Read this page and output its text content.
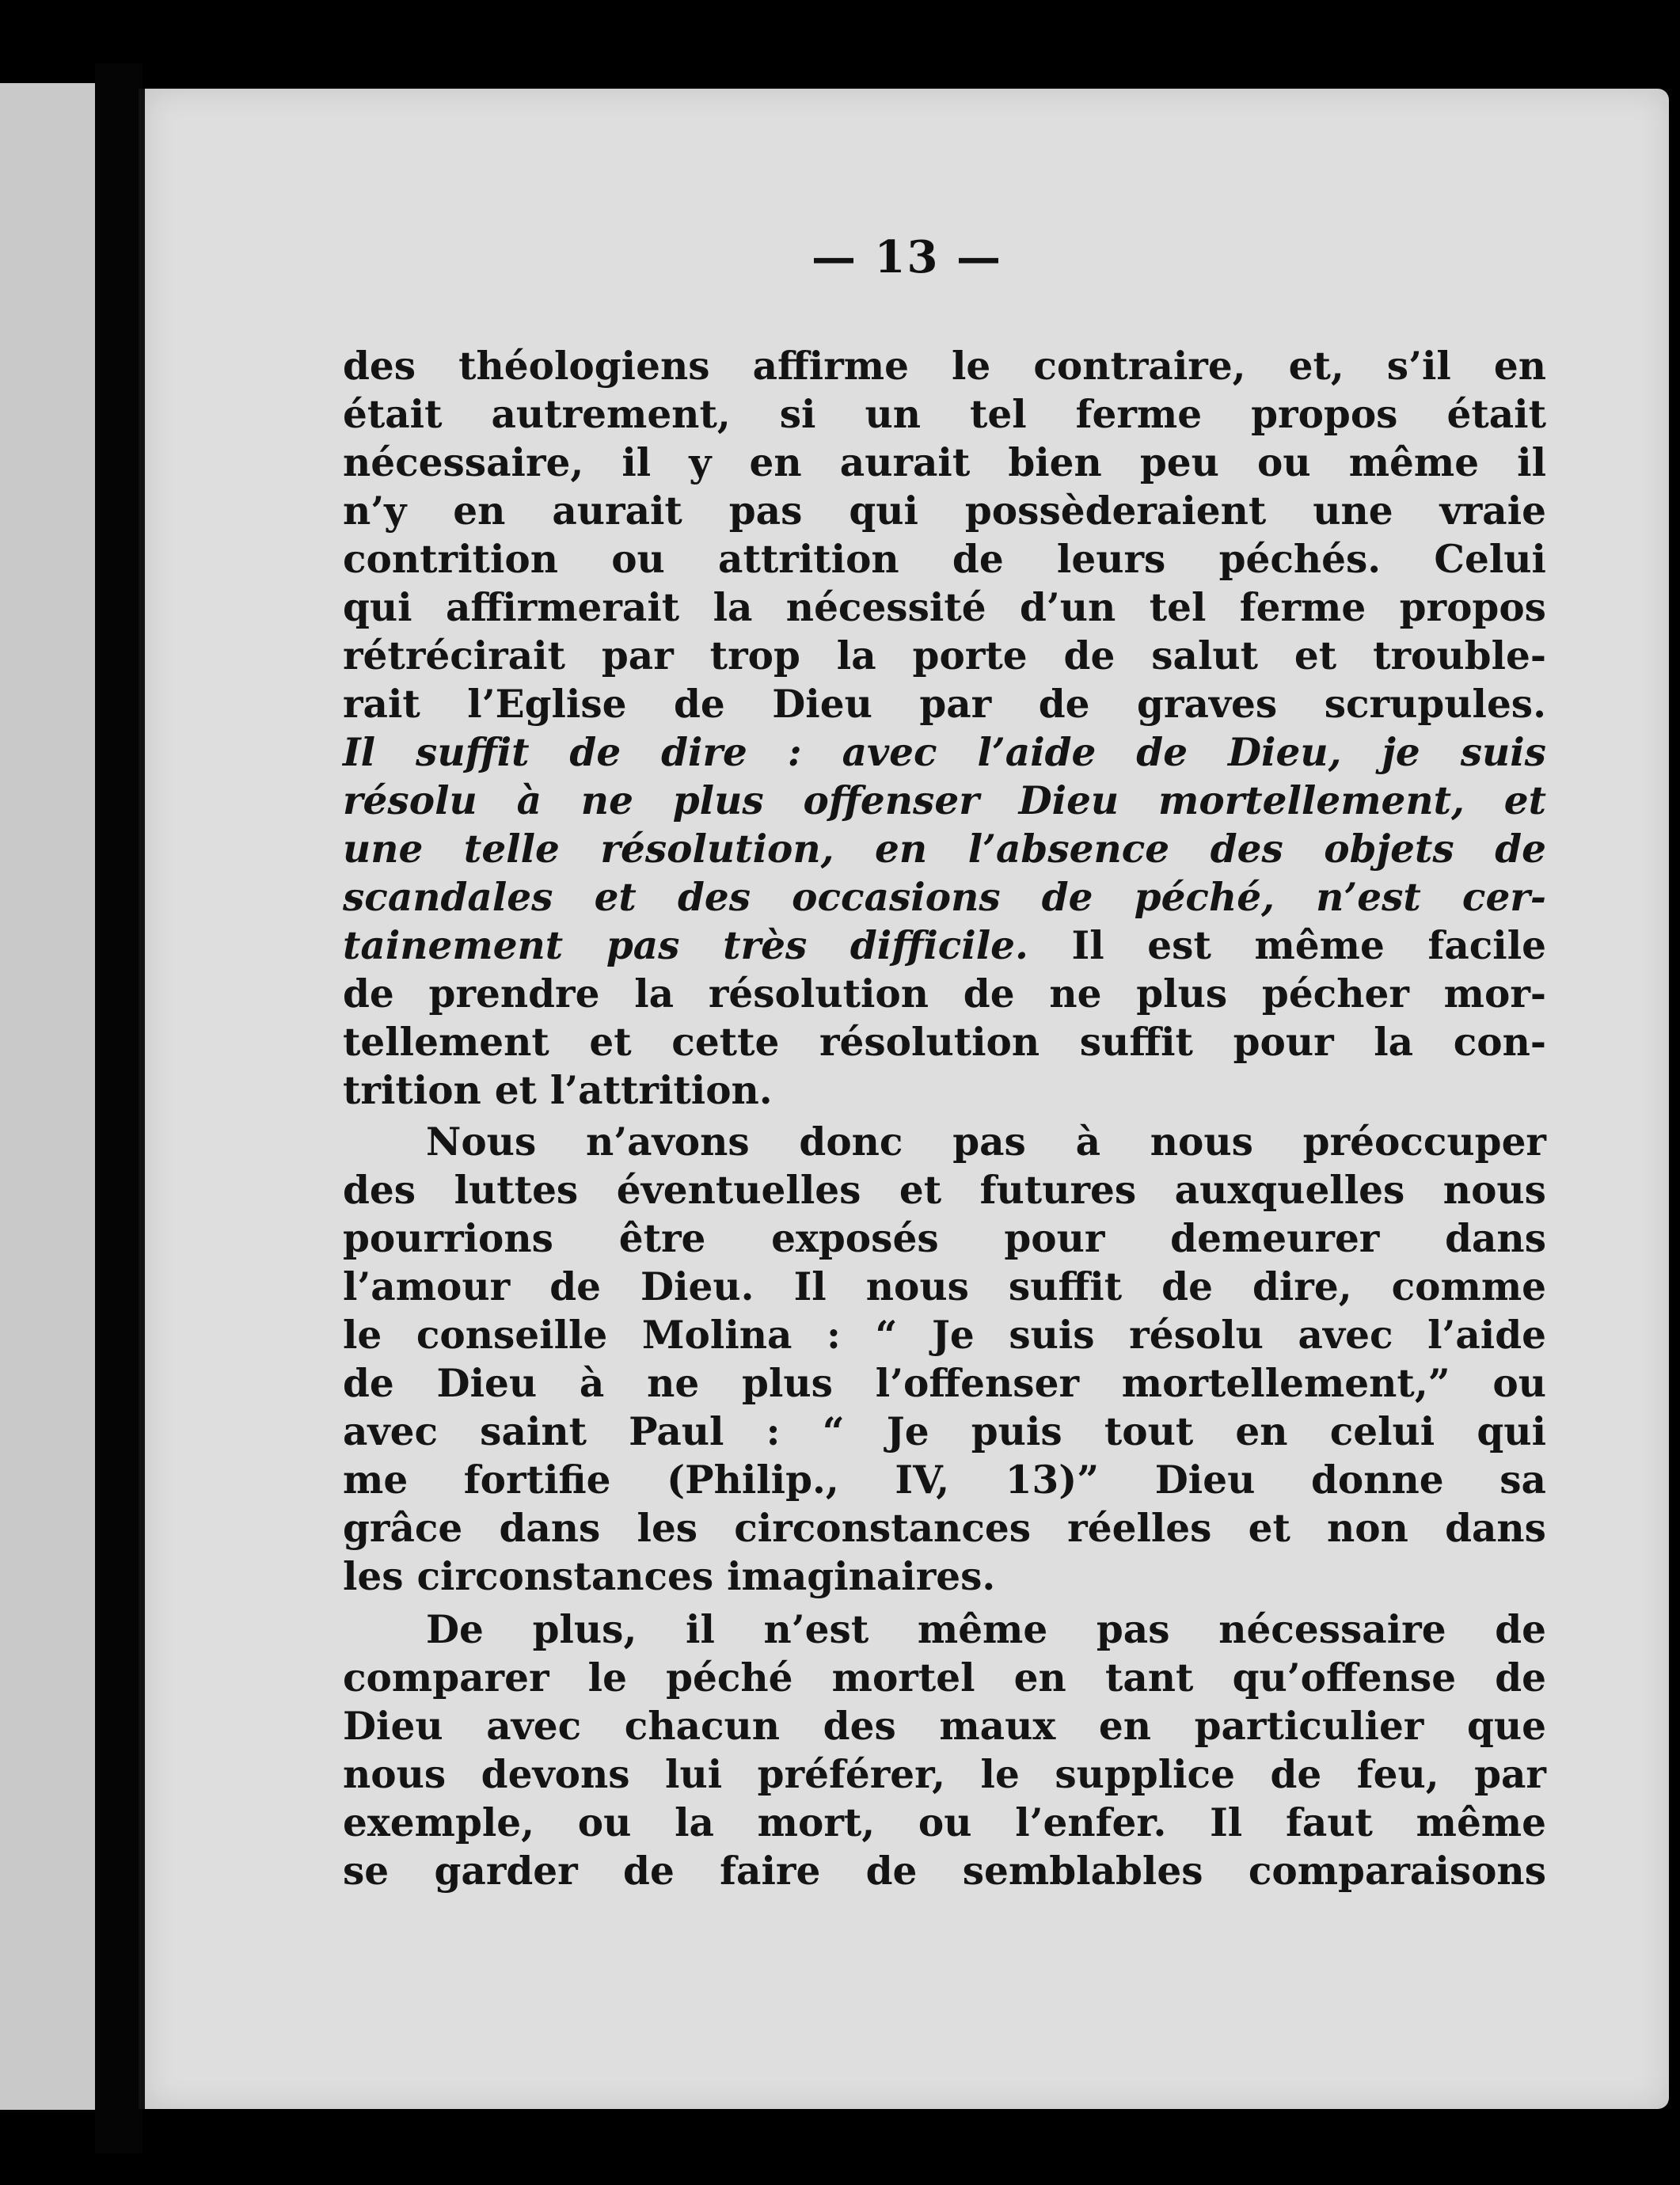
— 13 —
des théologiens affirme le contraire, et, s’il en
était autrement, si un tel ferme propos était
nécessaire, il y en aurait bien peu ou même il
n’y en aurait pas qui possèderaient une vraie
contrition ou attrition de leurs péchés. Celui
qui affirmerait la nécessité d’un tel ferme propos
rétrécirait par trop la porte de salut et trouble-
rait l’Eglise de Dieu par de graves scrupules.
Il suffit de dire : avec l’aide de Dieu, je suis
résolu à ne plus offenser Dieu mortellement, et
une telle résolution, en l’absence des objets de
scandales et des occasions de péché, n’est cer-
tainement pas très difficile. Il est même facile
de prendre la résolution de ne plus pécher mor-
tellement et cette résolution suffit pour la con-
trition et l’attrition.
Nous n’avons donc pas à nous préoccuper
des luttes éventuelles et futures auxquelles nous
pourrions être exposés pour demeurer dans
l’amour de Dieu. Il nous suffit de dire, comme
le conseille Molina : “ Je suis résolu avec l’aide
de Dieu à ne plus l’offenser mortellement,” ou
avec saint Paul : “ Je puis tout en celui qui
me fortifie (Philip., IV, 13)” Dieu donne sa
grâce dans les circonstances réelles et non dans
les circonstances imaginaires.
De plus, il n’est même pas nécessaire de
comparer le péché mortel en tant qu’offense de
Dieu avec chacun des maux en particulier que
nous devons lui préférer, le supplice de feu, par
exemple, ou la mort, ou l’enfer. Il faut même
se garder de faire de semblables comparaisons
